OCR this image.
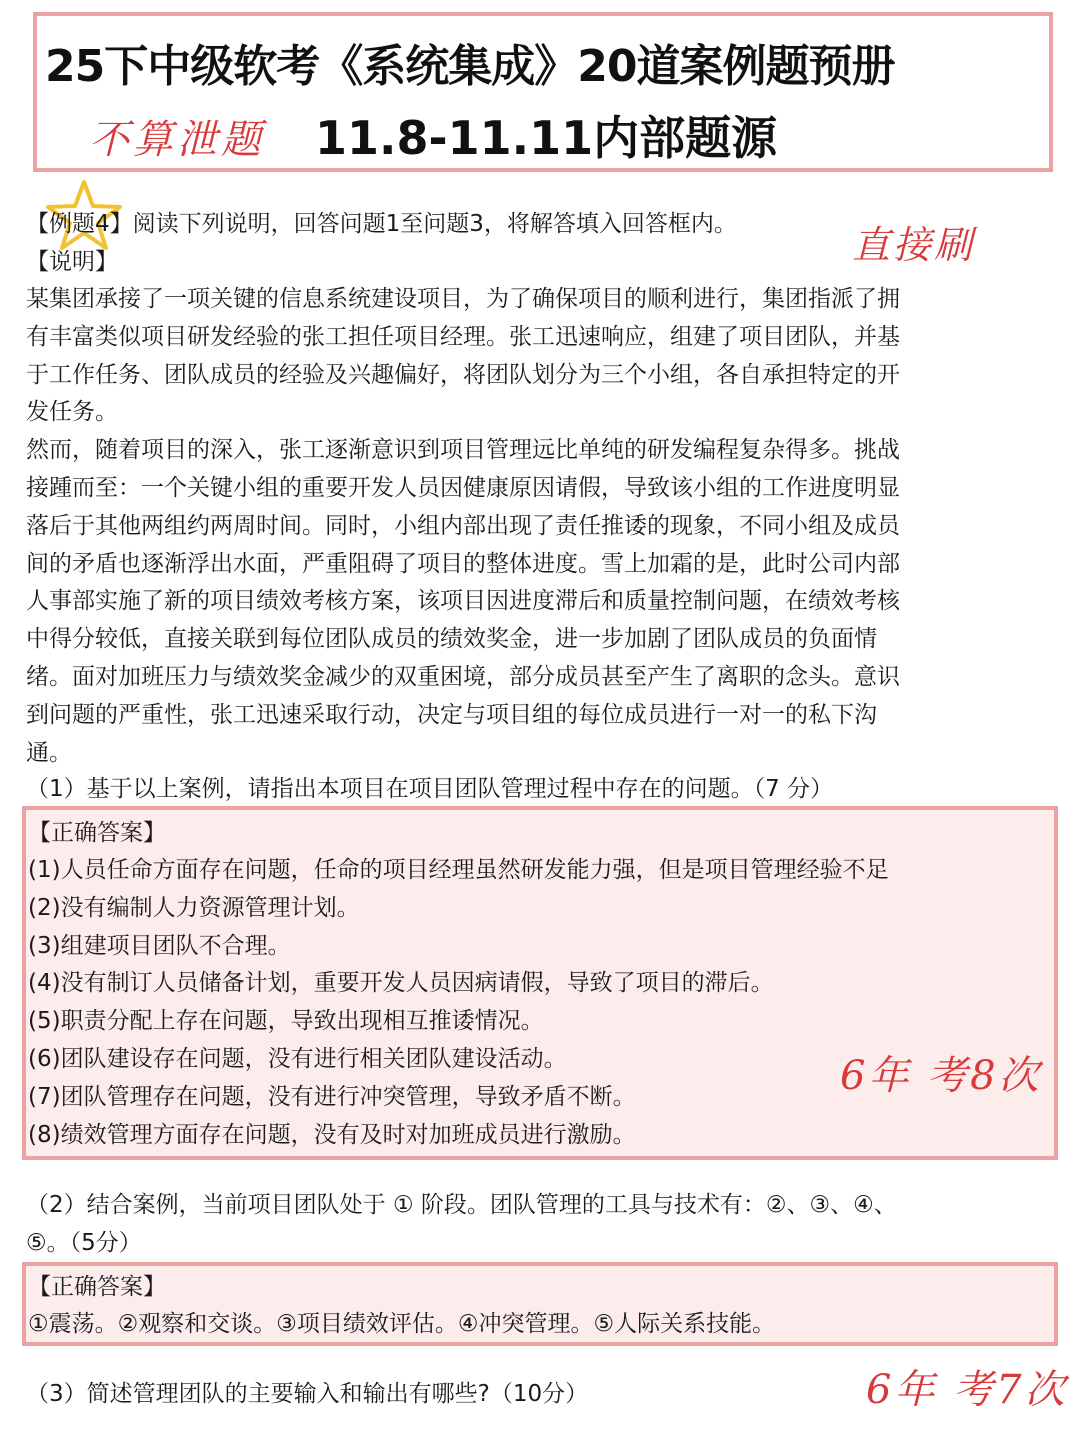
25下中级软考《系统集成》20道案例题预册
不算泄题 11.8-11.11内部题源
【例题4】阅读下列说明，回答问题1至问题3，将解答填入回答框内。	直接刷
【说明】
某集团承接了一项关键的信息系统建设项目，为了确保项目的顺利进行，集团指派了拥
有丰富类似项目研发经验的张工担任项目经理。张工迅速响应，组建了项目团队，并基
于工作任务、团队成员的经验及兴趣偏好，将团队划分为三个小组，各自承担特定的开
发任务。
然而，随着项目的深入，张工逐渐意识到项目管理远比单纯的研发编程复杂得多。挑战
接踵而至：一个关键小组的重要开发人员因健康原因请假，导致该小组的工作进度明显
落后于其他两组约两周时间。同时，小组内部出现了责任推诿的现象，不同小组及成员
间的矛盾也逐渐浮出水面，严重阻碍了项目的整体进度。雪上加霜的是，此时公司内部
人事部实施了新的项目绩效考核方案，该项目因进度滞后和质量控制问题，在绩效考核
中得分较低，直接关联到每位团队成员的绩效奖金，进一步加剧了团队成员的负面情
绪。面对加班压力与绩效奖金减少的双重困境，部分成员甚至产生了离职的念头。意识
到问题的严重性，张工迅速采取行动，决定与项目组的每位成员进行一对一的私下沟
通。
（1）基于以上案例，请指出本项目在项目团队管理过程中存在的问题。（7 分）
【正确答案】
(1)人员任命方面存在问题，任命的项目经理虽然研发能力强，但是项目管理经验不足
(2)没有编制人力资源管理计划。
(3)组建项目团队不合理。
(4)没有制订人员储备计划，重要开发人员因病请假，导致了项目的滞后。
(5)职责分配上存在问题，导致出现相互推诿情况。
(6)团队建设存在问题，没有进行相关团队建设活动。
(7)团队管理存在问题，没有进行冲突管理，导致矛盾不断。
(8)绩效管理方面存在问题，没有及时对加班成员进行激励。
6年 考8次
（2）结合案例，当前项目团队处于 ① 阶段。团队管理的工具与技术有：②、③、④、
⑤。（5分）
【正确答案】
①震荡。②观察和交谈。③项目绩效评估。④冲突管理。⑤人际关系技能。
（3）简述管理团队的主要输入和输出有哪些?（10分）	6年 考7次
